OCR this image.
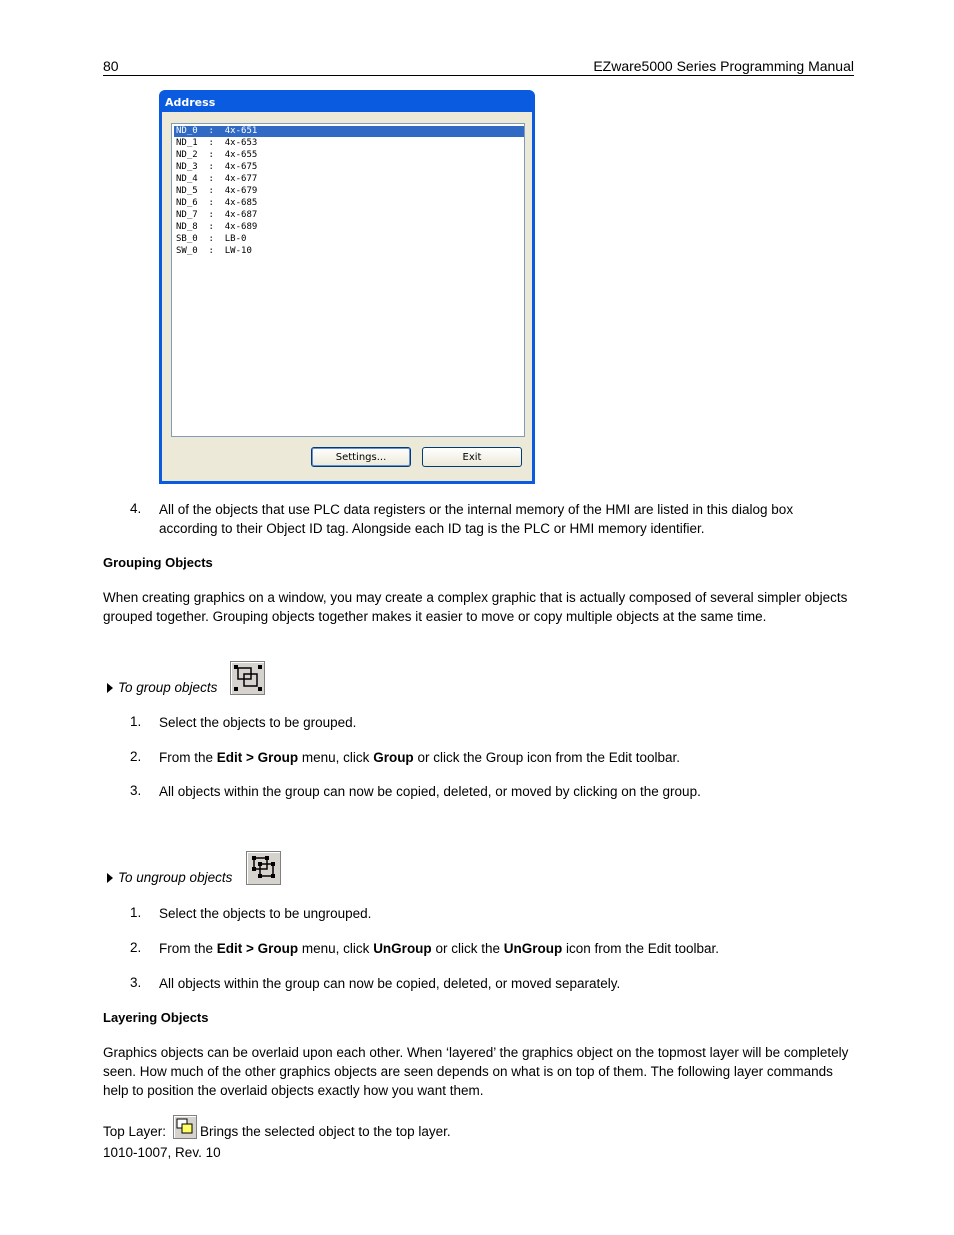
80	EZware5000 Series Programming Manual
Address
ND_0  :  4x-651
ND_1  :  4x-653
ND_2  :  4x-655
ND_3  :  4x-675
ND_4  :  4x-677
ND_5  :  4x-679
ND_6  :  4x-685
ND_7  :  4x-687
ND_8  :  4x-689
SB_0  :  LB-0
SW_0  :  LW-10
Settings...	Exit
4.	All of the objects that use PLC data registers or the internal memory of the HMI are listed in this dialog box according to their Object ID tag. Alongside each ID tag is the PLC or HMI memory identifier.
Grouping Objects

When creating graphics on a window, you may create a complex graphic that is actually composed of several simpler objects grouped together. Grouping objects together makes it easier to move or copy multiple objects at the same time.

To group objects
1.	Select the objects to be grouped.
2.	From the Edit > Group menu, click Group or click the Group icon from the Edit toolbar.
3.	All objects within the group can now be copied, deleted, or moved by clicking on the group.
To ungroup objects
1.	Select the objects to be ungrouped.
2.	From the Edit > Group menu, click UnGroup or click the UnGroup icon from the Edit toolbar.
3.	All objects within the group can now be copied, deleted, or moved separately.
Layering Objects

Graphics objects can be overlaid upon each other. When ‘layered’ the graphics object on the topmost layer will be completely seen. How much of the other graphics objects are seen depends on what is on top of them. The following layer commands help to position the overlaid objects exactly how you want them.

Top Layer:	Brings the selected object to the top layer.
1010-1007, Rev. 10
